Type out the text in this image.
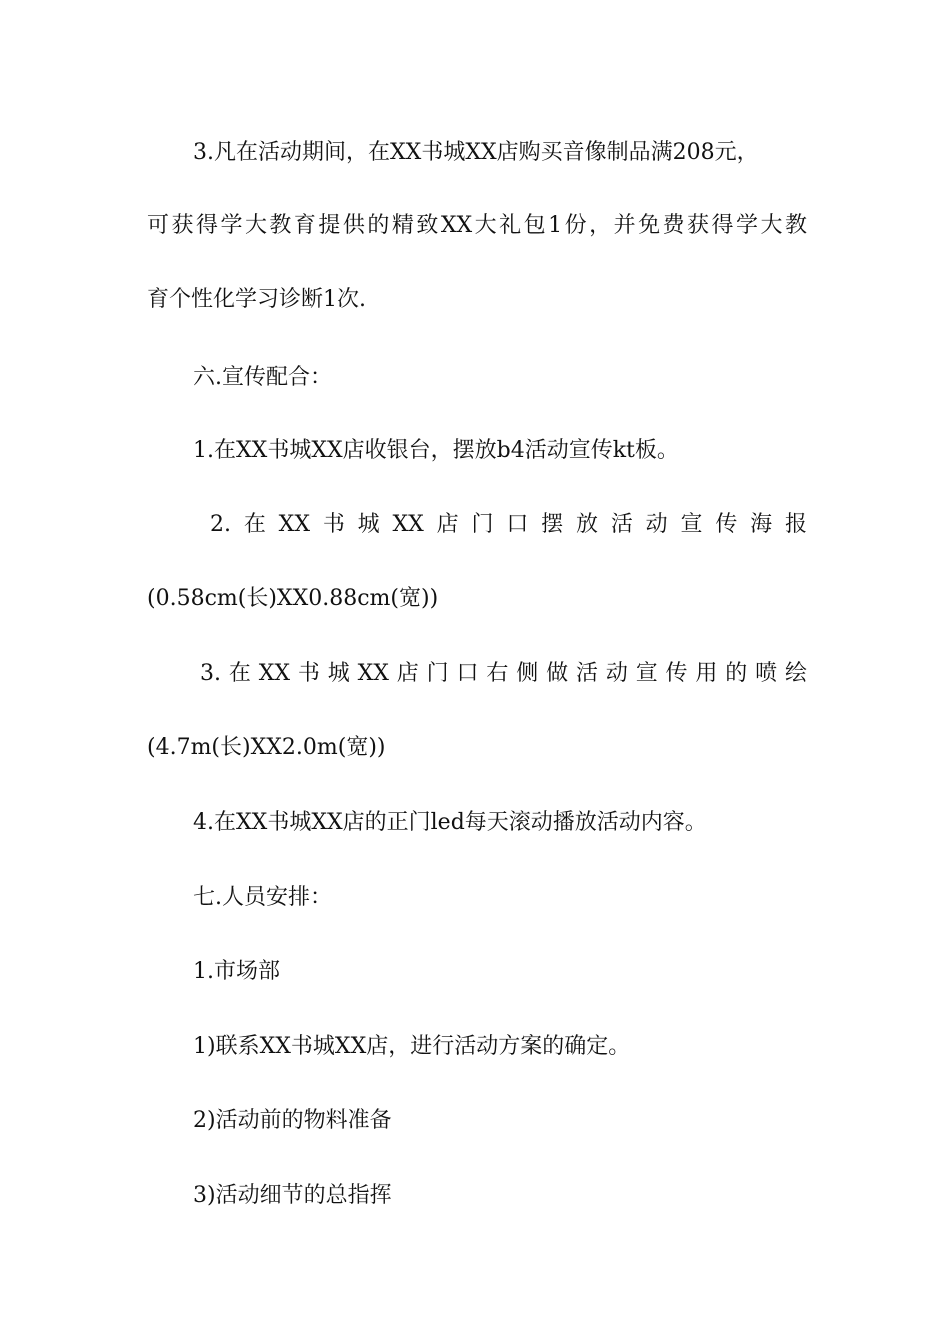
3.凡在活动期间，在XX书城XX店购买音像制品满208元，
可获得学大教育提供的精致XX大礼包1份，并免费获得学大教
育个性化学习诊断1次.
六.宣传配合：
1.在XX书城XX店收银台，摆放b4活动宣传kt板。
2.在XX书城XX店门口摆放活动宣传海报
(0.58cm(长)XX0.88cm(宽))
3.在XX书城XX店门口右侧做活动宣传用的喷绘
(4.7m(长)XX2.0m(宽))
4.在XX书城XX店的正门led每天滚动播放活动内容。
七.人员安排：
1.市场部
1)联系XX书城XX店，进行活动方案的确定。
2)活动前的物料准备
3)活动细节的总指挥
